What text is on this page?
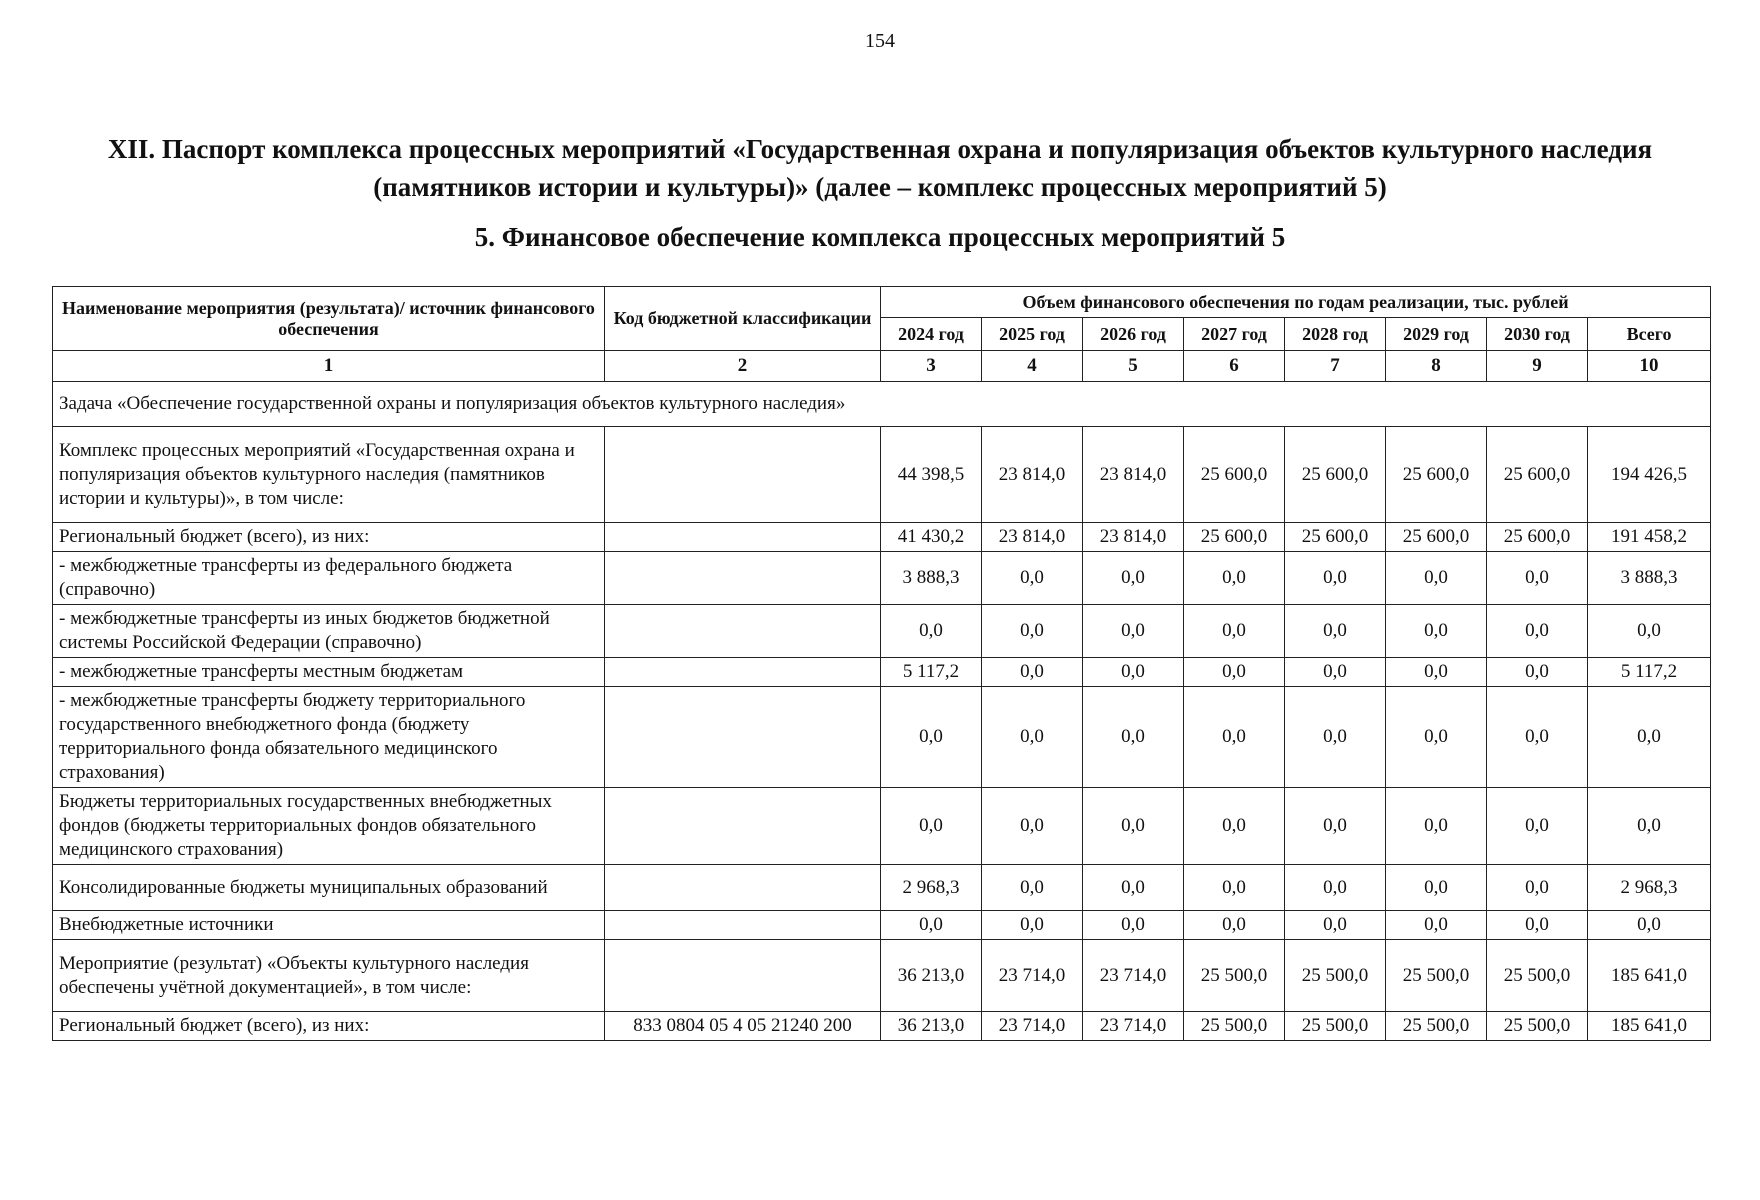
154
XII. Паспорт комплекса процессных мероприятий «Государственная охрана и популяризация объектов культурного наследия (памятников истории и культуры)» (далее – комплекс процессных мероприятий 5)
5. Финансовое обеспечение комплекса процессных мероприятий 5
Наименование мероприятия (результата)/ источник финансового обеспечения	Код бюджетной классификации	Объем финансового обеспечения по годам реализации, тыс. рублей							
		2024 год	2025 год	2026 год	2027 год	2028 год	2029 год	2030 год	Всего
1	2	3	4	5	6	7	8	9	10
Задача «Обеспечение государственной охраны и популяризация объектов культурного наследия»									
Комплекс процессных мероприятий «Государственная охрана и популяризация объектов культурного наследия (памятников истории и культуры)», в том числе:		44 398,5	23 814,0	23 814,0	25 600,0	25 600,0	25 600,0	25 600,0	194 426,5
Региональный бюджет (всего), из них:		41 430,2	23 814,0	23 814,0	25 600,0	25 600,0	25 600,0	25 600,0	191 458,2
- межбюджетные трансферты из федерального бюджета (справочно)		3 888,3	0,0	0,0	0,0	0,0	0,0	0,0	3 888,3
- межбюджетные трансферты из иных бюджетов бюджетной системы Российской Федерации (справочно)		0,0	0,0	0,0	0,0	0,0	0,0	0,0	0,0
- межбюджетные трансферты местным бюджетам		5 117,2	0,0	0,0	0,0	0,0	0,0	0,0	5 117,2
- межбюджетные трансферты бюджету территориального государственного внебюджетного фонда (бюджету территориального фонда обязательного медицинского страхования)		0,0	0,0	0,0	0,0	0,0	0,0	0,0	0,0
Бюджеты территориальных государственных внебюджетных фондов (бюджеты территориальных фондов обязательного медицинского страхования)		0,0	0,0	0,0	0,0	0,0	0,0	0,0	0,0
Консолидированные бюджеты муниципальных образований		2 968,3	0,0	0,0	0,0	0,0	0,0	0,0	2 968,3
Внебюджетные источники		0,0	0,0	0,0	0,0	0,0	0,0	0,0	0,0
Мероприятие (результат) «Объекты культурного наследия обеспечены учётной документацией», в том числе:		36 213,0	23 714,0	23 714,0	25 500,0	25 500,0	25 500,0	25 500,0	185 641,0
Региональный бюджет (всего), из них:	833 0804 05 4 05 21240 200	36 213,0	23 714,0	23 714,0	25 500,0	25 500,0	25 500,0	25 500,0	185 641,0
